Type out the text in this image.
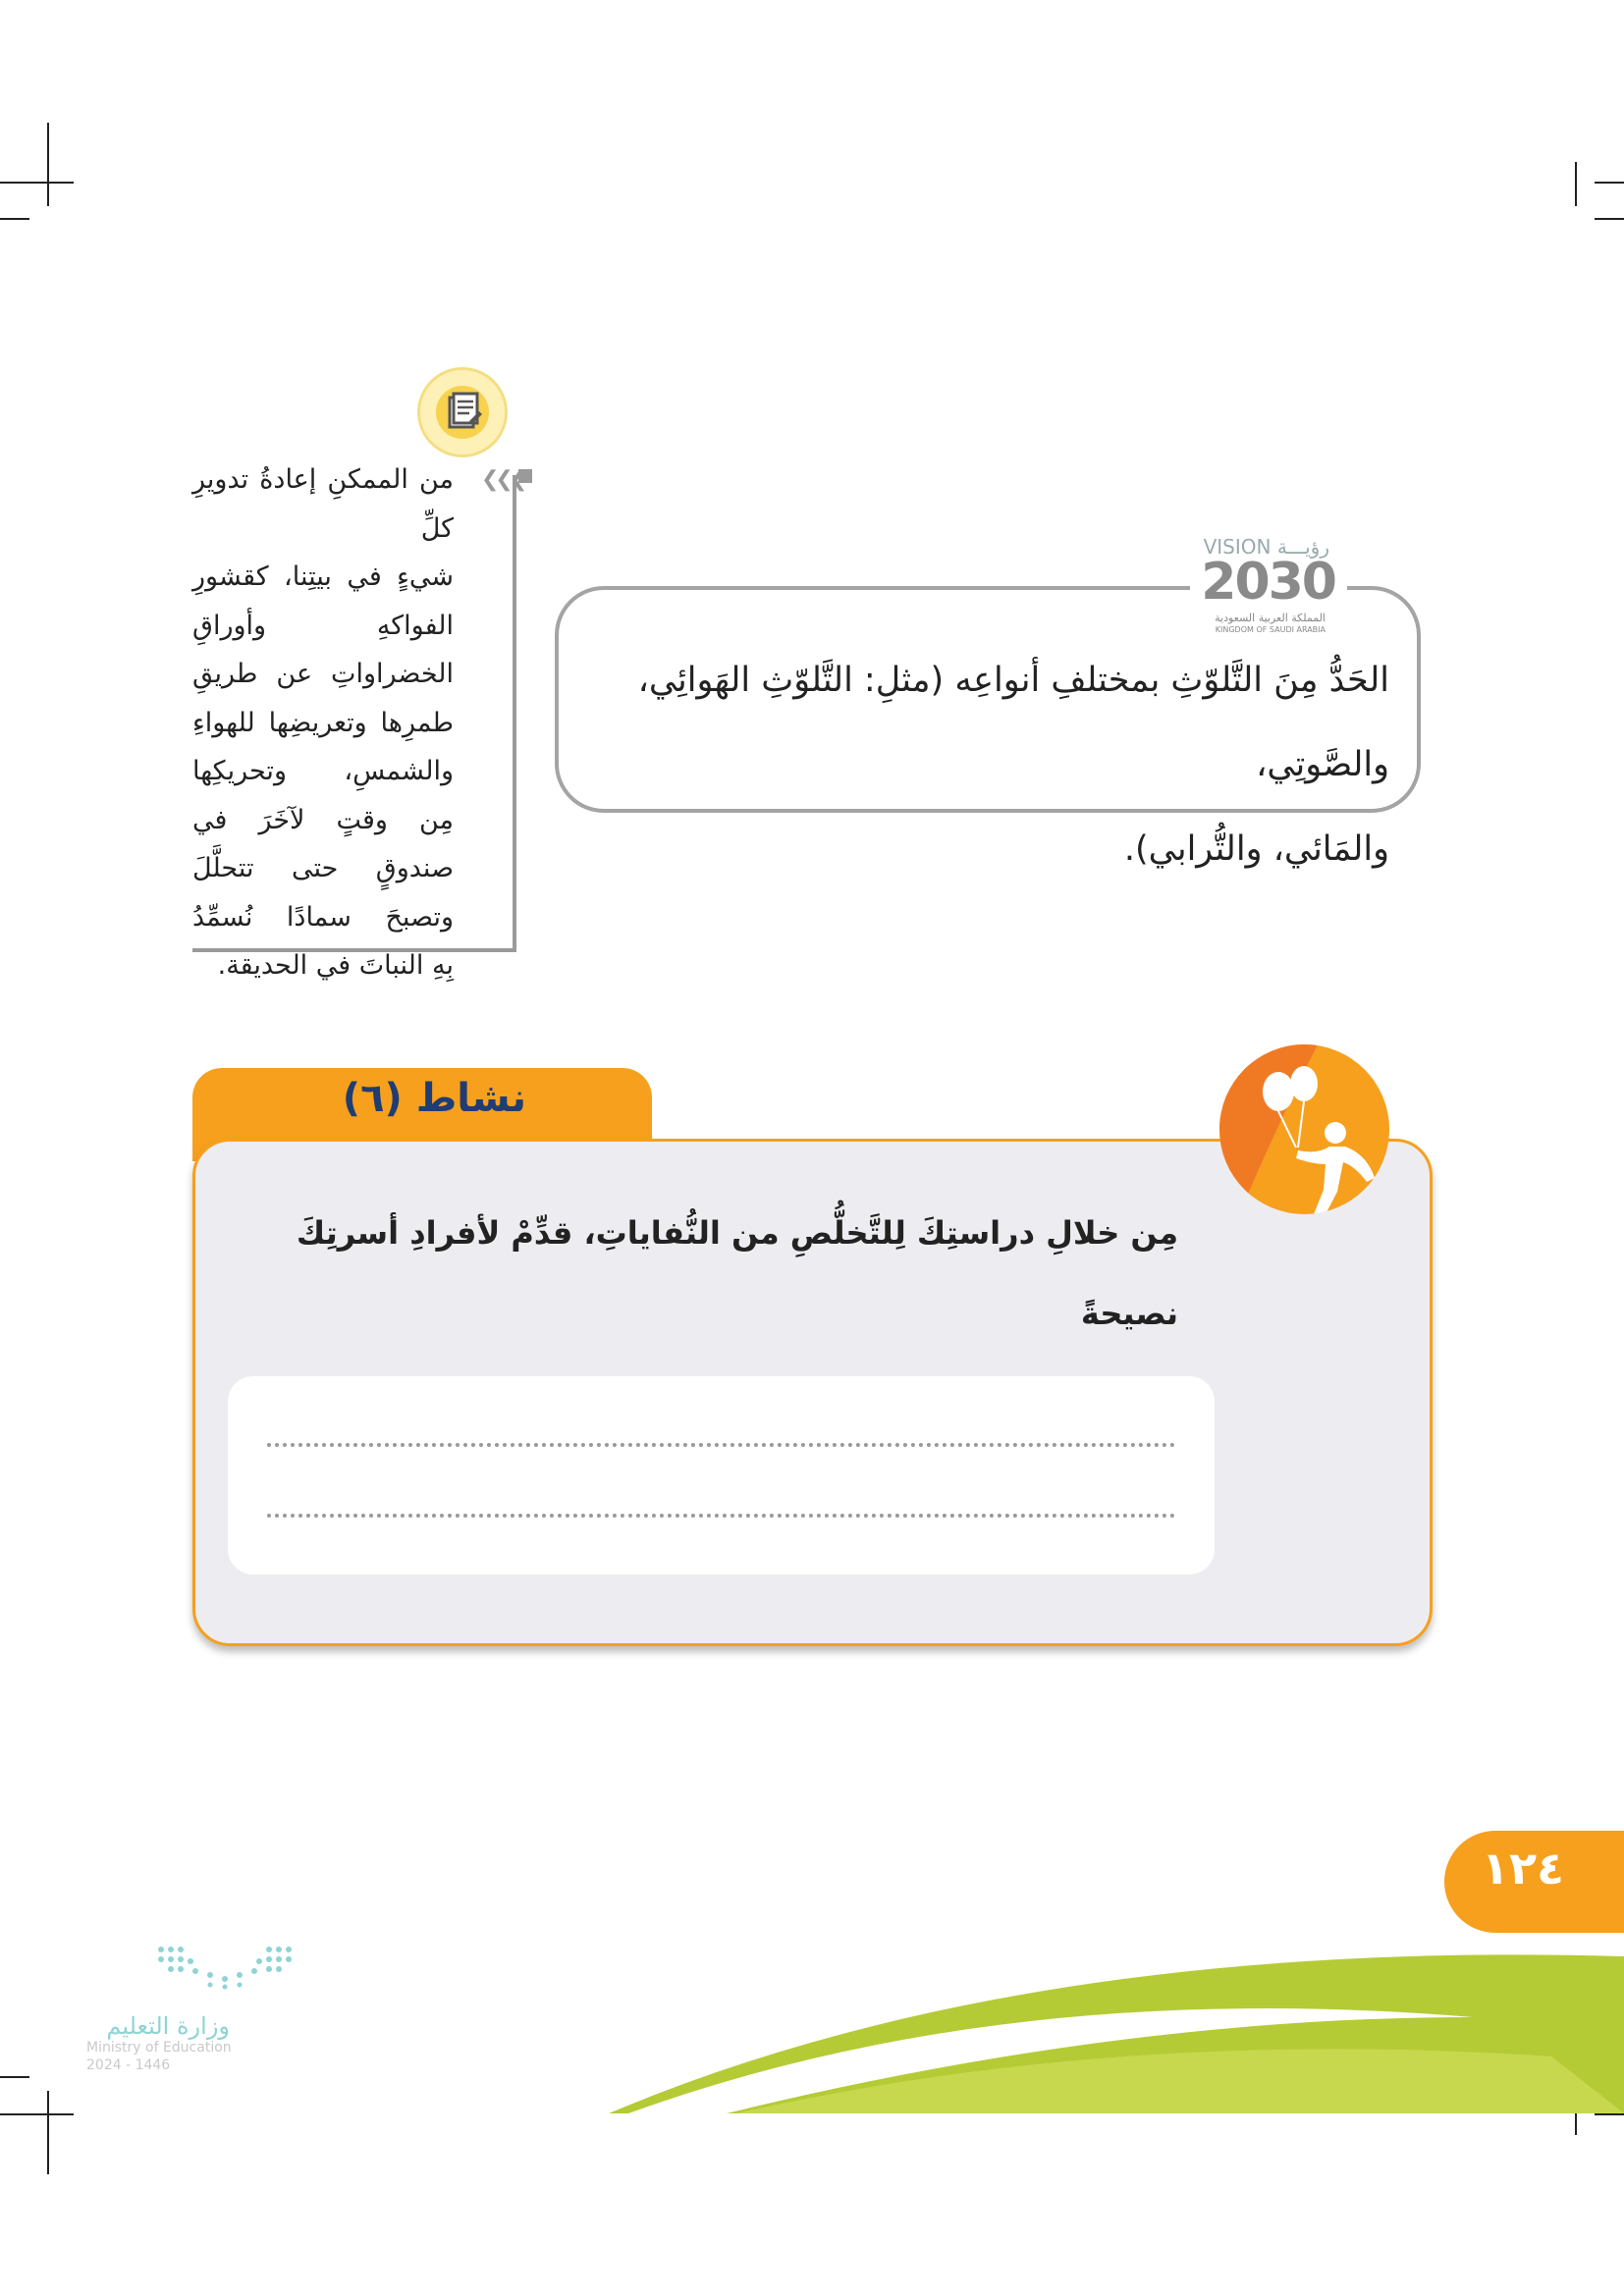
❮❮❮
من الممكنِ إعادةُ تدويرِ كلِّ
شيءٍ في بيتِنا، كقشورِ
الفواكهِ وأوراقِ
الخضراواتِ عن طريقِ
طمرِها وتعريضِها للهواءِ
والشمسِ، وتحريكِها
مِن وقتٍ لآخَرَ في
صندوقٍ حتى تتحلَّلَ
وتصبحَ سمادًا نُسمِّدُ
بِهِ النباتَ في الحديقة.
VISION رؤيـــة
2030
المملكة العربية السعودية
KINGDOM OF SAUDI ARABIA
الحَدُّ مِنَ التَّلوّثِ بمختلفِ أنواعِه (مثلِ: التَّلوّثِ الهَوائِي، والصَّوتِي،
والمَائي، والتُّرابي).
نشاط (٦)
مِن خلالِ دراستِكَ لِلتَّخلُّصِ من النُّفاياتِ، قدِّمْ لأفرادِ أسرتِكَ نصيحةً
١٢٤
وزارة التعليم
Ministry of Education
2024 - 1446
